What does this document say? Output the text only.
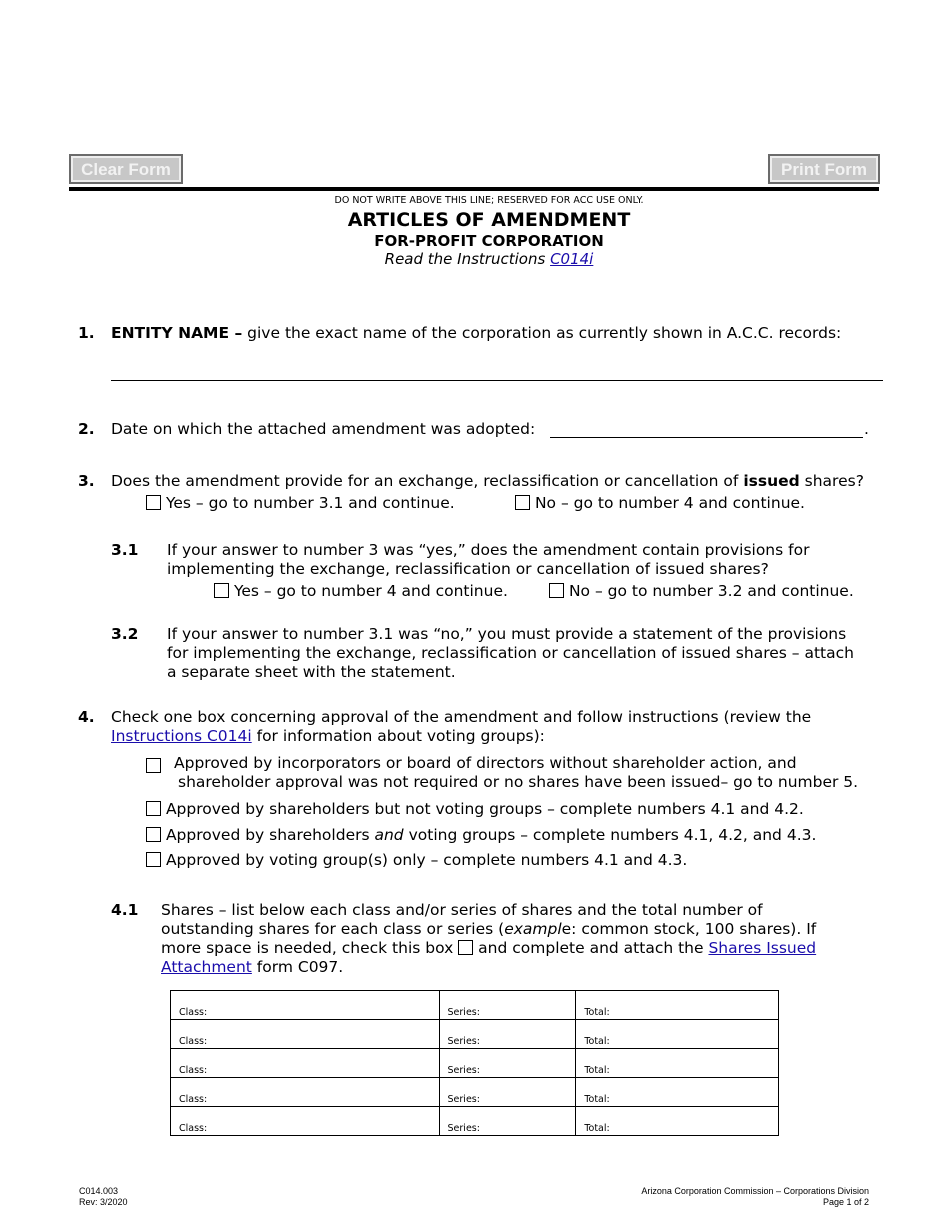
Clear Form	Print Form
DO NOT WRITE ABOVE THIS LINE; RESERVED FOR ACC USE ONLY.
ARTICLES OF AMENDMENT
FOR-PROFIT CORPORATION
Read the Instructions C014i
1. ENTITY NAME – give the exact name of the corporation as currently shown in A.C.C. records:
2. Date on which the attached amendment was adopted:	.
3. Does the amendment provide for an exchange, reclassification or cancellation of issued shares?
Yes – go to number 3.1 and continue.	No – go to number 4 and continue.
3.1 If your answer to number 3 was “yes,” does the amendment contain provisions for
implementing the exchange, reclassification or cancellation of issued shares?
Yes – go to number 4 and continue.	No – go to number 3.2 and continue.
3.2 If your answer to number 3.1 was “no,” you must provide a statement of the provisions
for implementing the exchange, reclassification or cancellation of issued shares – attach
a separate sheet with the statement.
4. Check one box concerning approval of the amendment and follow instructions (review the
Instructions C014i for information about voting groups):
Approved by incorporators or board of directors without shareholder action, and
shareholder approval was not required or no shares have been issued– go to number 5.
Approved by shareholders but not voting groups – complete numbers 4.1 and 4.2.
Approved by shareholders and voting groups – complete numbers 4.1, 4.2, and 4.3.
Approved by voting group(s) only – complete numbers 4.1 and 4.3.
4.1 Shares – list below each class and/or series of shares and the total number of
outstanding shares for each class or series (example: common stock, 100 shares). If
more space is needed, check this box and complete and attach the Shares Issued
Attachment form C097.
Class:	Series:	Total:
Class:	Series:	Total:
Class:	Series:	Total:
Class:	Series:	Total:
Class:	Series:	Total:
C014.003
Rev: 3/2020
Arizona Corporation Commission – Corporations Division
Page 1 of 2
